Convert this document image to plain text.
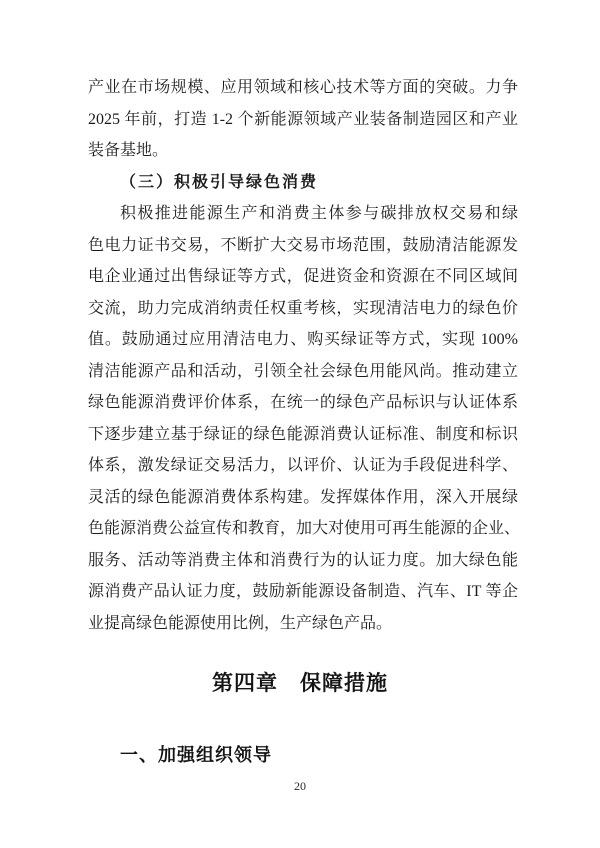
产业在市场规模、应用领域和核心技术等方面的突破。力争
2025 年前，打造 1-2 个新能源领域产业装备制造园区和产业
装备基地。
（三）积极引导绿色消费
积极推进能源生产和消费主体参与碳排放权交易和绿
色电力证书交易，不断扩大交易市场范围，鼓励清洁能源发
电企业通过出售绿证等方式，促进资金和资源在不同区域间
交流，助力完成消纳责任权重考核，实现清洁电力的绿色价
值。鼓励通过应用清洁电力、购买绿证等方式，实现 100%
清洁能源产品和活动，引领全社会绿色用能风尚。推动建立
绿色能源消费评价体系，在统一的绿色产品标识与认证体系
下逐步建立基于绿证的绿色能源消费认证标准、制度和标识
体系，激发绿证交易活力，以评价、认证为手段促进科学、
灵活的绿色能源消费体系构建。发挥媒体作用，深入开展绿
色能源消费公益宣传和教育，加大对使用可再生能源的企业、
服务、活动等消费主体和消费行为的认证力度。加大绿色能
源消费产品认证力度，鼓励新能源设备制造、汽车、IT 等企
业提高绿色能源使用比例，生产绿色产品。
第四章　保障措施
一、加强组织领导
20
